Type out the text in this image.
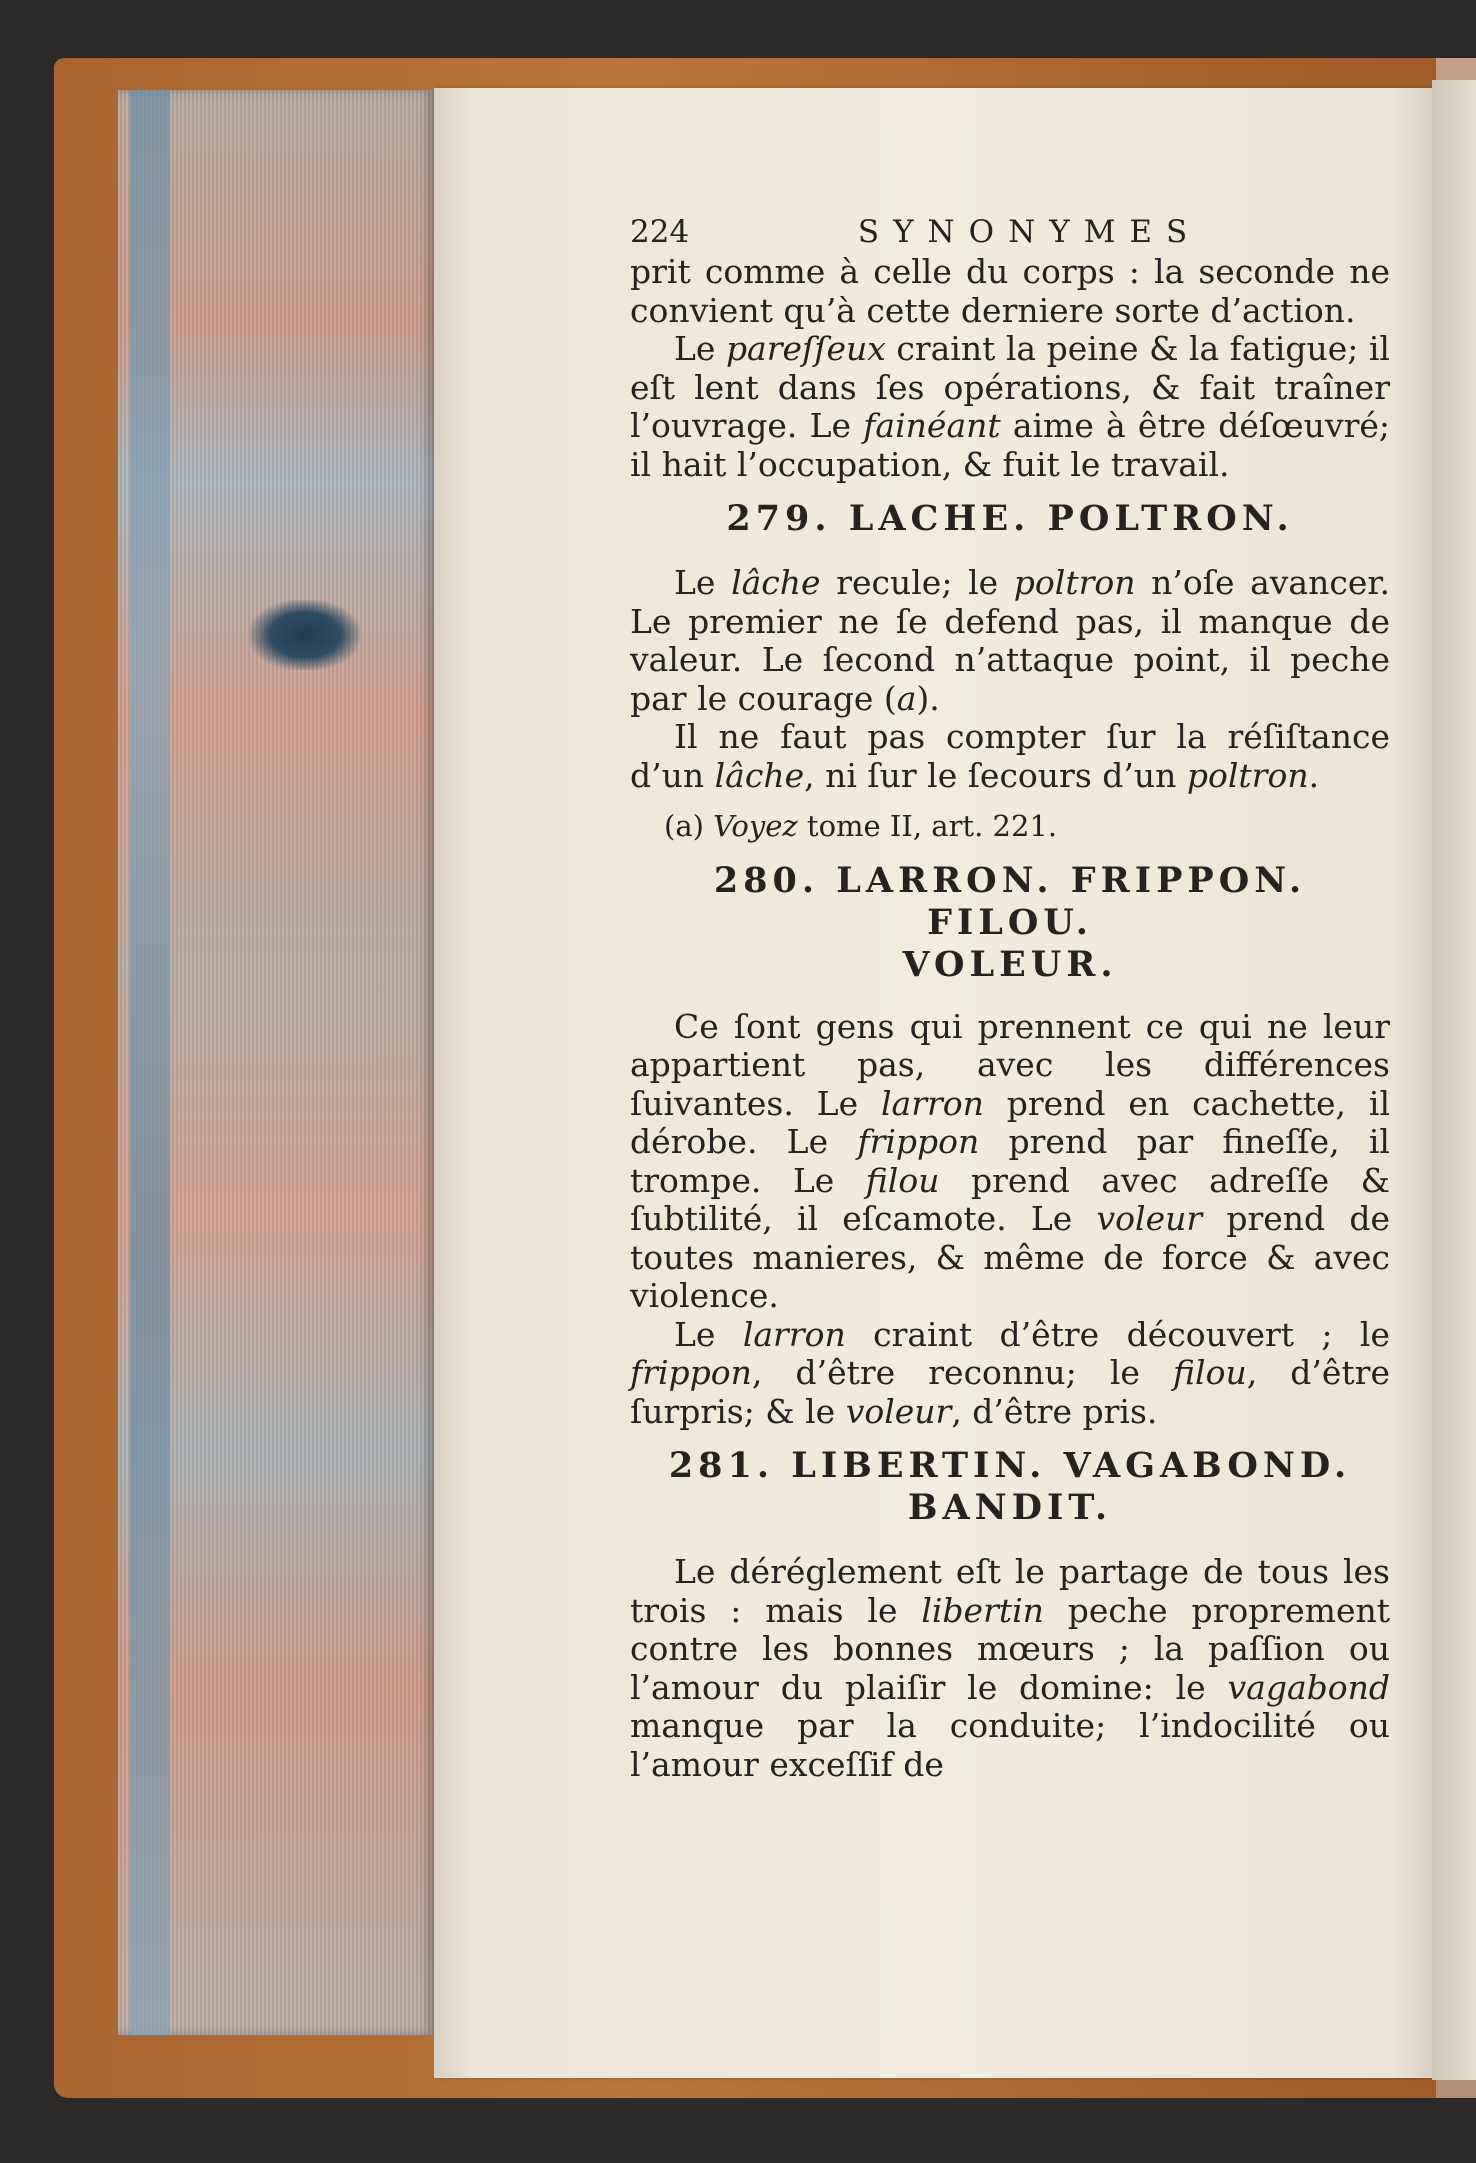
224	SYNONYMES

prit comme à celle du corps : la seconde ne convient qu’à cette derniere sorte d’action.

Le pareſſeux craint la peine & la fatigue; il eſt lent dans ſes opérations, & fait traîner l’ouvrage. Le fainéant aime à être déſœuvré; il hait l’occupation, & fuit le travail.

279. LACHE. POLTRON.

Le lâche recule; le poltron n’oſe avancer. Le premier ne ſe defend pas, il manque de valeur. Le ſecond n’attaque point, il peche par le courage (a).

Il ne faut pas compter ſur la réſiſtance d’un lâche, ni ſur le ſecours d’un poltron.

(a) Voyez tome II, art. 221.

280. LARRON. FRIPPON. FILOU.
VOLEUR.

Ce ſont gens qui prennent ce qui ne leur appartient pas, avec les différences ſuivantes. Le larron prend en cachette, il dérobe. Le frippon prend par fineſſe, il trompe. Le filou prend avec adreſſe & ſubtilité, il eſcamote. Le voleur prend de toutes manieres, & même de force & avec violence.

Le larron craint d’être découvert ; le frippon, d’être reconnu; le filou, d’être ſurpris; & le voleur, d’être pris.

281. LIBERTIN. VAGABOND. BANDIT.

Le déréglement eſt le partage de tous les trois : mais le libertin peche proprement contre les bonnes mœurs ; la paſſion ou l’amour du plaiſir le domine: le vagabond manque par la conduite; l’indocilité ou l’amour exceſſif de
